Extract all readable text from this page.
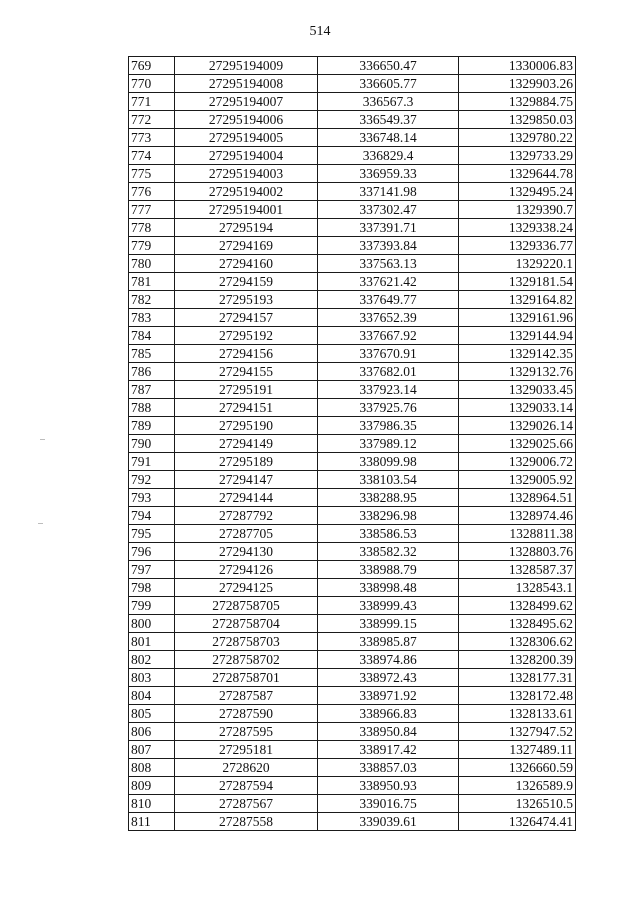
514
769	27295194009	336650.47	1330006.83
770	27295194008	336605.77	1329903.26
771	27295194007	336567.3	1329884.75
772	27295194006	336549.37	1329850.03
773	27295194005	336748.14	1329780.22
774	27295194004	336829.4	1329733.29
775	27295194003	336959.33	1329644.78
776	27295194002	337141.98	1329495.24
777	27295194001	337302.47	1329390.7
778	27295194	337391.71	1329338.24
779	27294169	337393.84	1329336.77
780	27294160	337563.13	1329220.1
781	27294159	337621.42	1329181.54
782	27295193	337649.77	1329164.82
783	27294157	337652.39	1329161.96
784	27295192	337667.92	1329144.94
785	27294156	337670.91	1329142.35
786	27294155	337682.01	1329132.76
787	27295191	337923.14	1329033.45
788	27294151	337925.76	1329033.14
789	27295190	337986.35	1329026.14
790	27294149	337989.12	1329025.66
791	27295189	338099.98	1329006.72
792	27294147	338103.54	1329005.92
793	27294144	338288.95	1328964.51
794	27287792	338296.98	1328974.46
795	27287705	338586.53	1328811.38
796	27294130	338582.32	1328803.76
797	27294126	338988.79	1328587.37
798	27294125	338998.48	1328543.1
799	2728758705	338999.43	1328499.62
800	2728758704	338999.15	1328495.62
801	2728758703	338985.87	1328306.62
802	2728758702	338974.86	1328200.39
803	2728758701	338972.43	1328177.31
804	27287587	338971.92	1328172.48
805	27287590	338966.83	1328133.61
806	27287595	338950.84	1327947.52
807	27295181	338917.42	1327489.11
808	2728620	338857.03	1326660.59
809	27287594	338950.93	1326589.9
810	27287567	339016.75	1326510.5
811	27287558	339039.61	1326474.41
